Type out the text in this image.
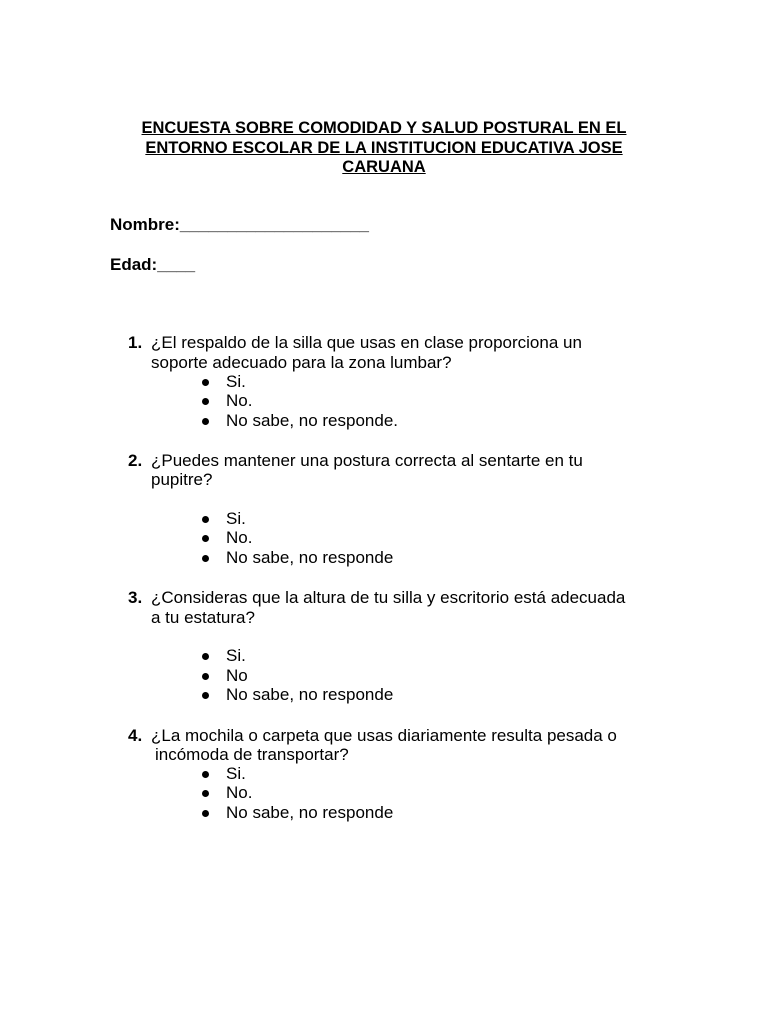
ENCUESTA SOBRE COMODIDAD Y SALUD POSTURAL EN EL
ENTORNO ESCOLAR DE LA INSTITUCION EDUCATIVA JOSE
CARUANA
Nombre:____________________
Edad:____
1. ¿El respaldo de la silla que usas en clase proporciona un
soporte adecuado para la zona lumbar?
Si.
No.
No sabe, no responde.
2. ¿Puedes mantener una postura correcta al sentarte en tu
pupitre?
Si.
No.
No sabe, no responde
3. ¿Consideras que la altura de tu silla y escritorio está adecuada
a tu estatura?
Si.
No
No sabe, no responde
4. ¿La mochila o carpeta que usas diariamente resulta pesada o
incómoda de transportar?
Si.
No.
No sabe, no responde
